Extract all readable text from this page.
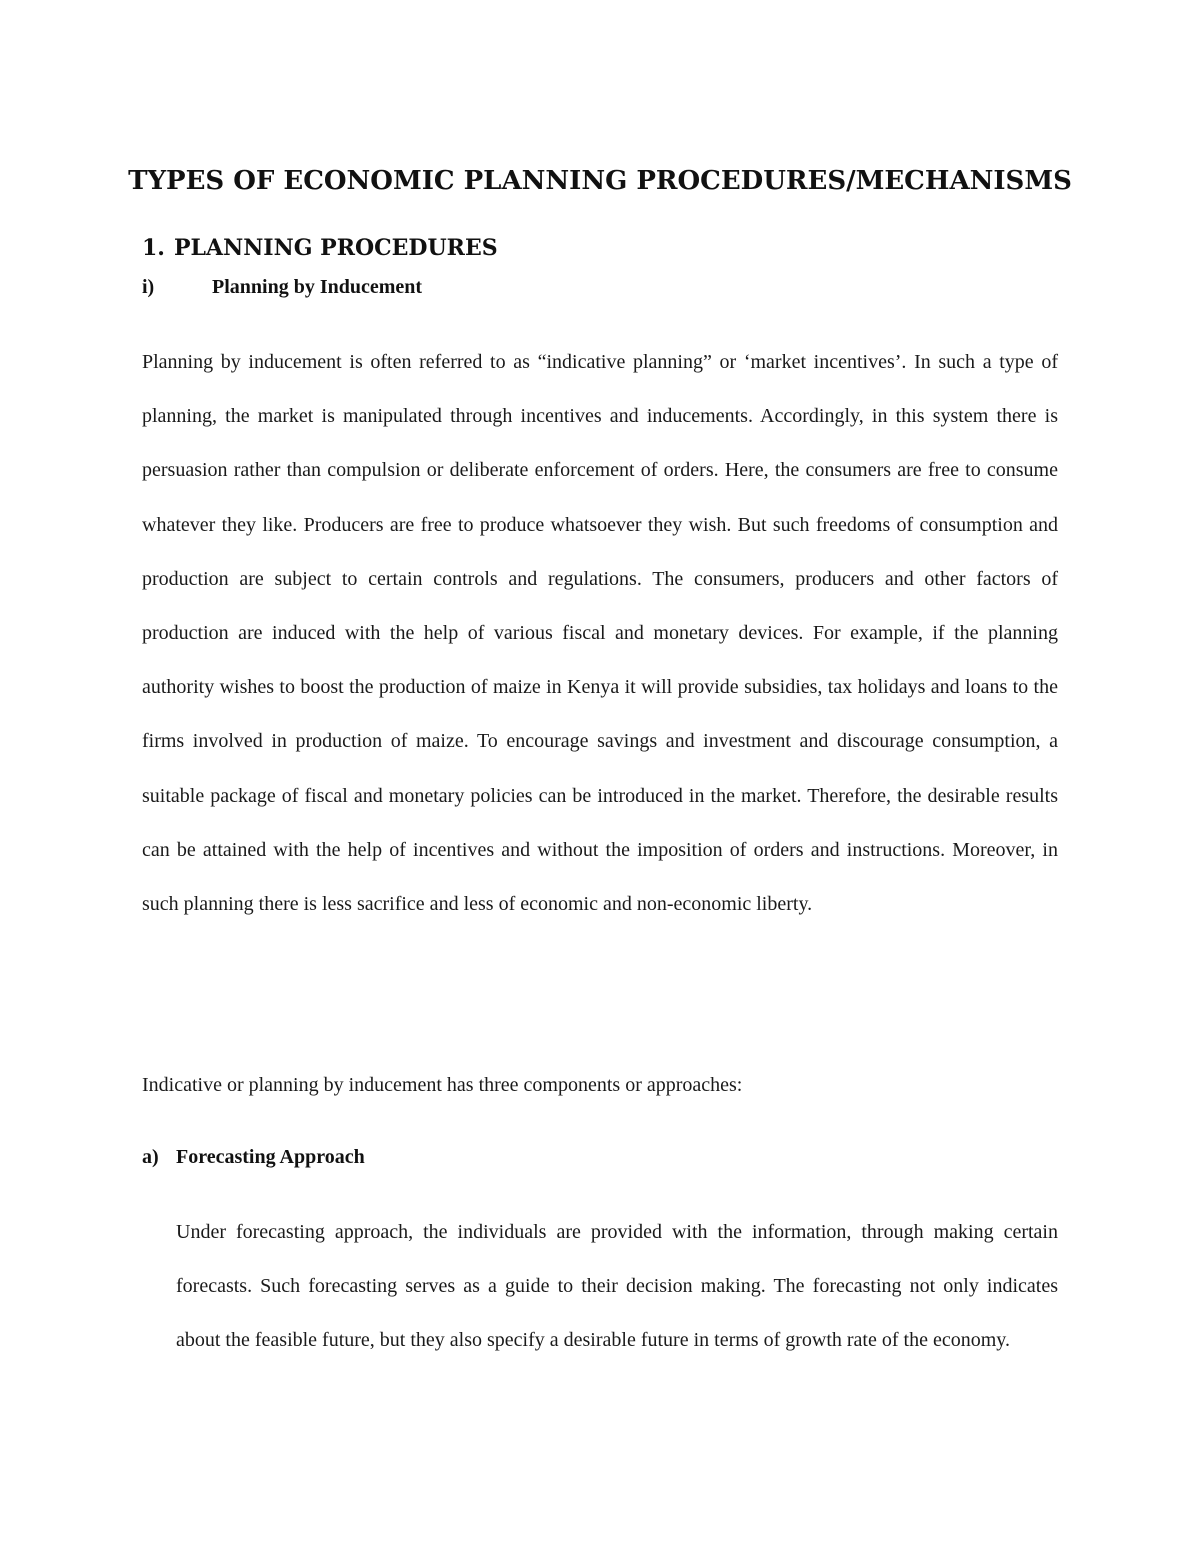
TYPES OF ECONOMIC PLANNING PROCEDURES/MECHANISMS
1. PLANNING PROCEDURES
i)	Planning by Inducement

Planning by inducement is often referred to as “indicative planning” or ‘market incentives’. In such a type of planning, the market is manipulated through incentives and inducements. Accordingly, in this system there is persuasion rather than compulsion or deliberate enforcement of orders. Here, the consumers are free to consume whatever they like. Producers are free to produce whatsoever they wish. But such freedoms of consumption and production are subject to certain controls and regulations. The consumers, producers and other factors of production are induced with the help of various fiscal and monetary devices. For example, if the planning authority wishes to boost the production of maize in Kenya it will provide subsidies, tax holidays and loans to the firms involved in production of maize. To encourage savings and investment and discourage consumption, a suitable package of fiscal and monetary policies can be introduced in the market. Therefore, the desirable results can be attained with the help of incentives and without the imposition of orders and instructions. Moreover, in such planning there is less sacrifice and less of economic and non-economic liberty.

Indicative or planning by inducement has three components or approaches:

a) Forecasting Approach

Under forecasting approach, the individuals are provided with the information, through making certain forecasts. Such forecasting serves as a guide to their decision making. The forecasting not only indicates about the feasible future, but they also specify a desirable future in terms of growth rate of the economy.
